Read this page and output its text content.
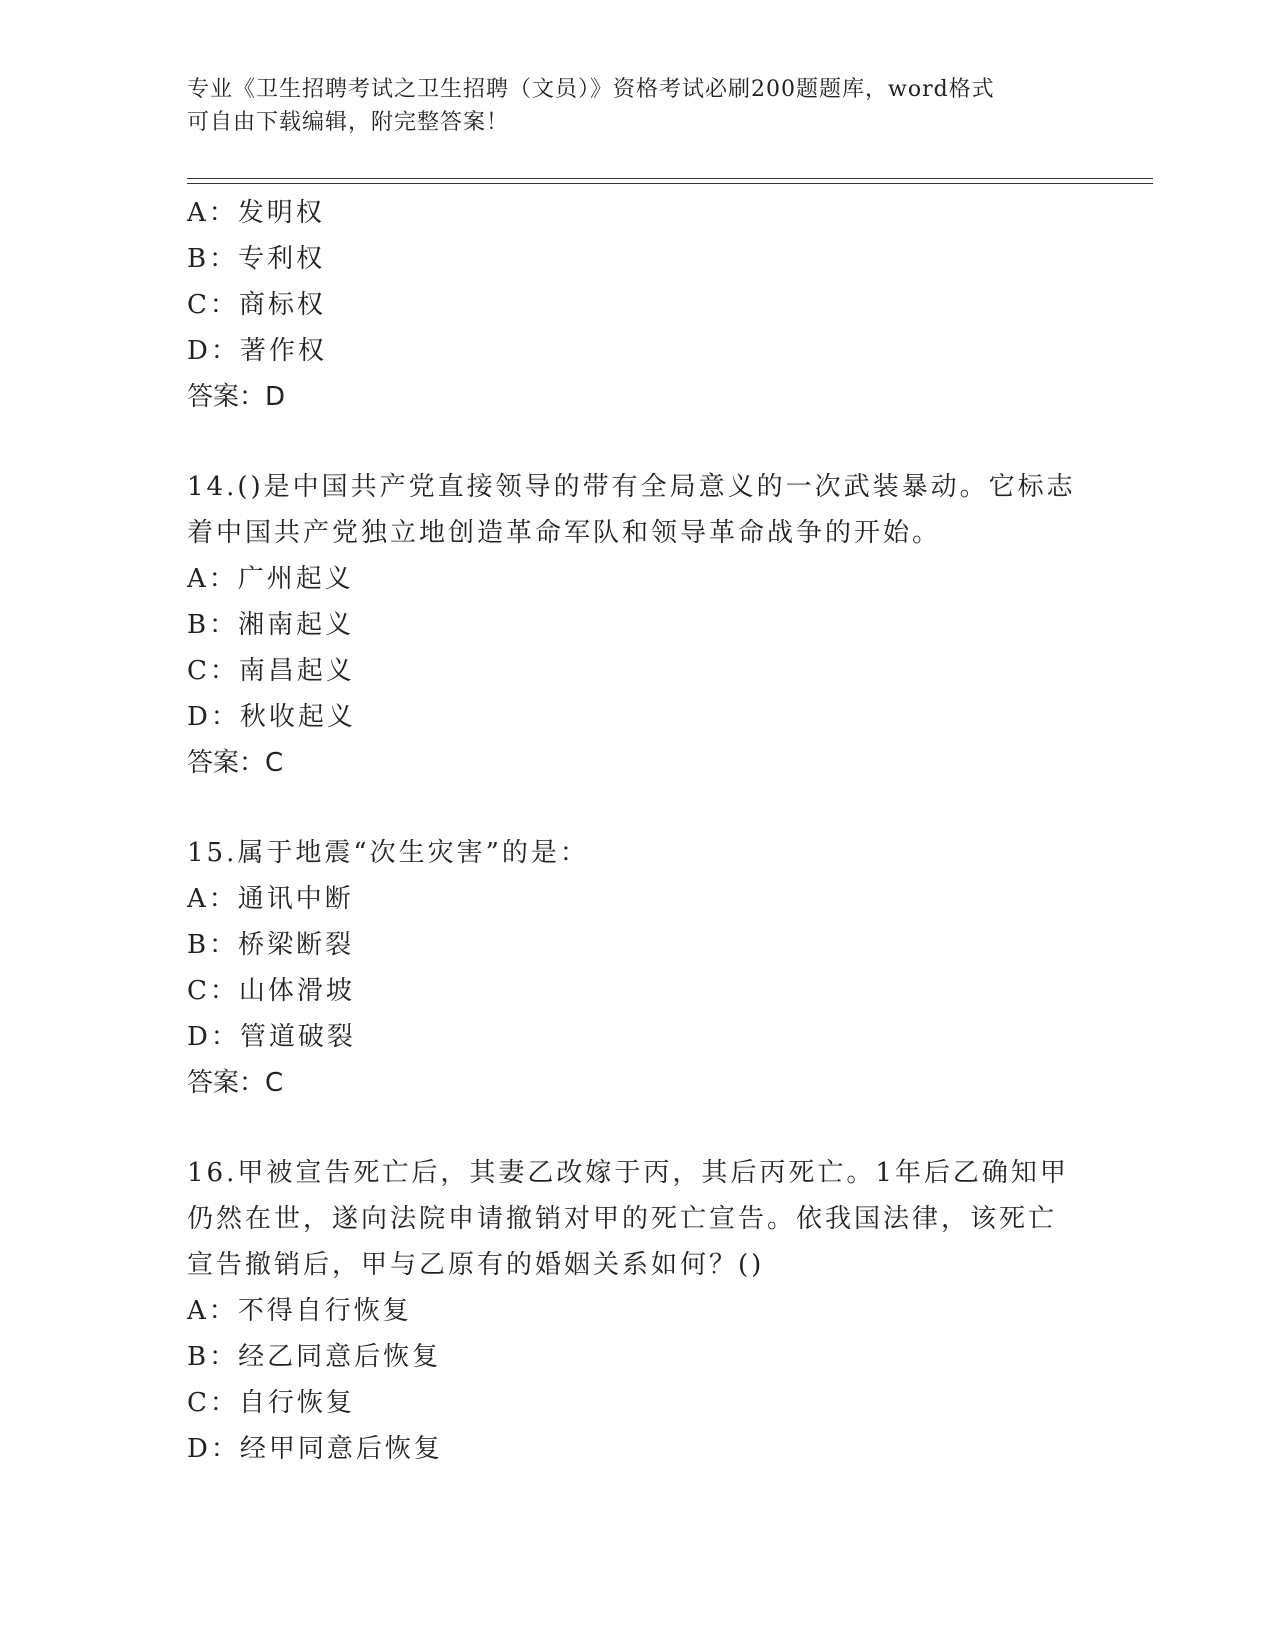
专业《卫生招聘考试之卫生招聘（文员）》资格考试必刷200题题库，word格式
可自由下载编辑，附完整答案！
A：发明权
B：专利权
C：商标权
D：著作权
答案：D
14.()是中国共产党直接领导的带有全局意义的一次武装暴动。它标志
着中国共产党独立地创造革命军队和领导革命战争的开始。
A：广州起义
B：湘南起义
C：南昌起义
D：秋收起义
答案：C
15.属于地震“次生灾害”的是：
A：通讯中断
B：桥梁断裂
C：山体滑坡
D：管道破裂
答案：C
16.甲被宣告死亡后，其妻乙改嫁于丙，其后丙死亡。1年后乙确知甲
仍然在世，遂向法院申请撤销对甲的死亡宣告。依我国法律，该死亡
宣告撤销后，甲与乙原有的婚姻关系如何？()
A：不得自行恢复
B：经乙同意后恢复
C：自行恢复
D：经甲同意后恢复
